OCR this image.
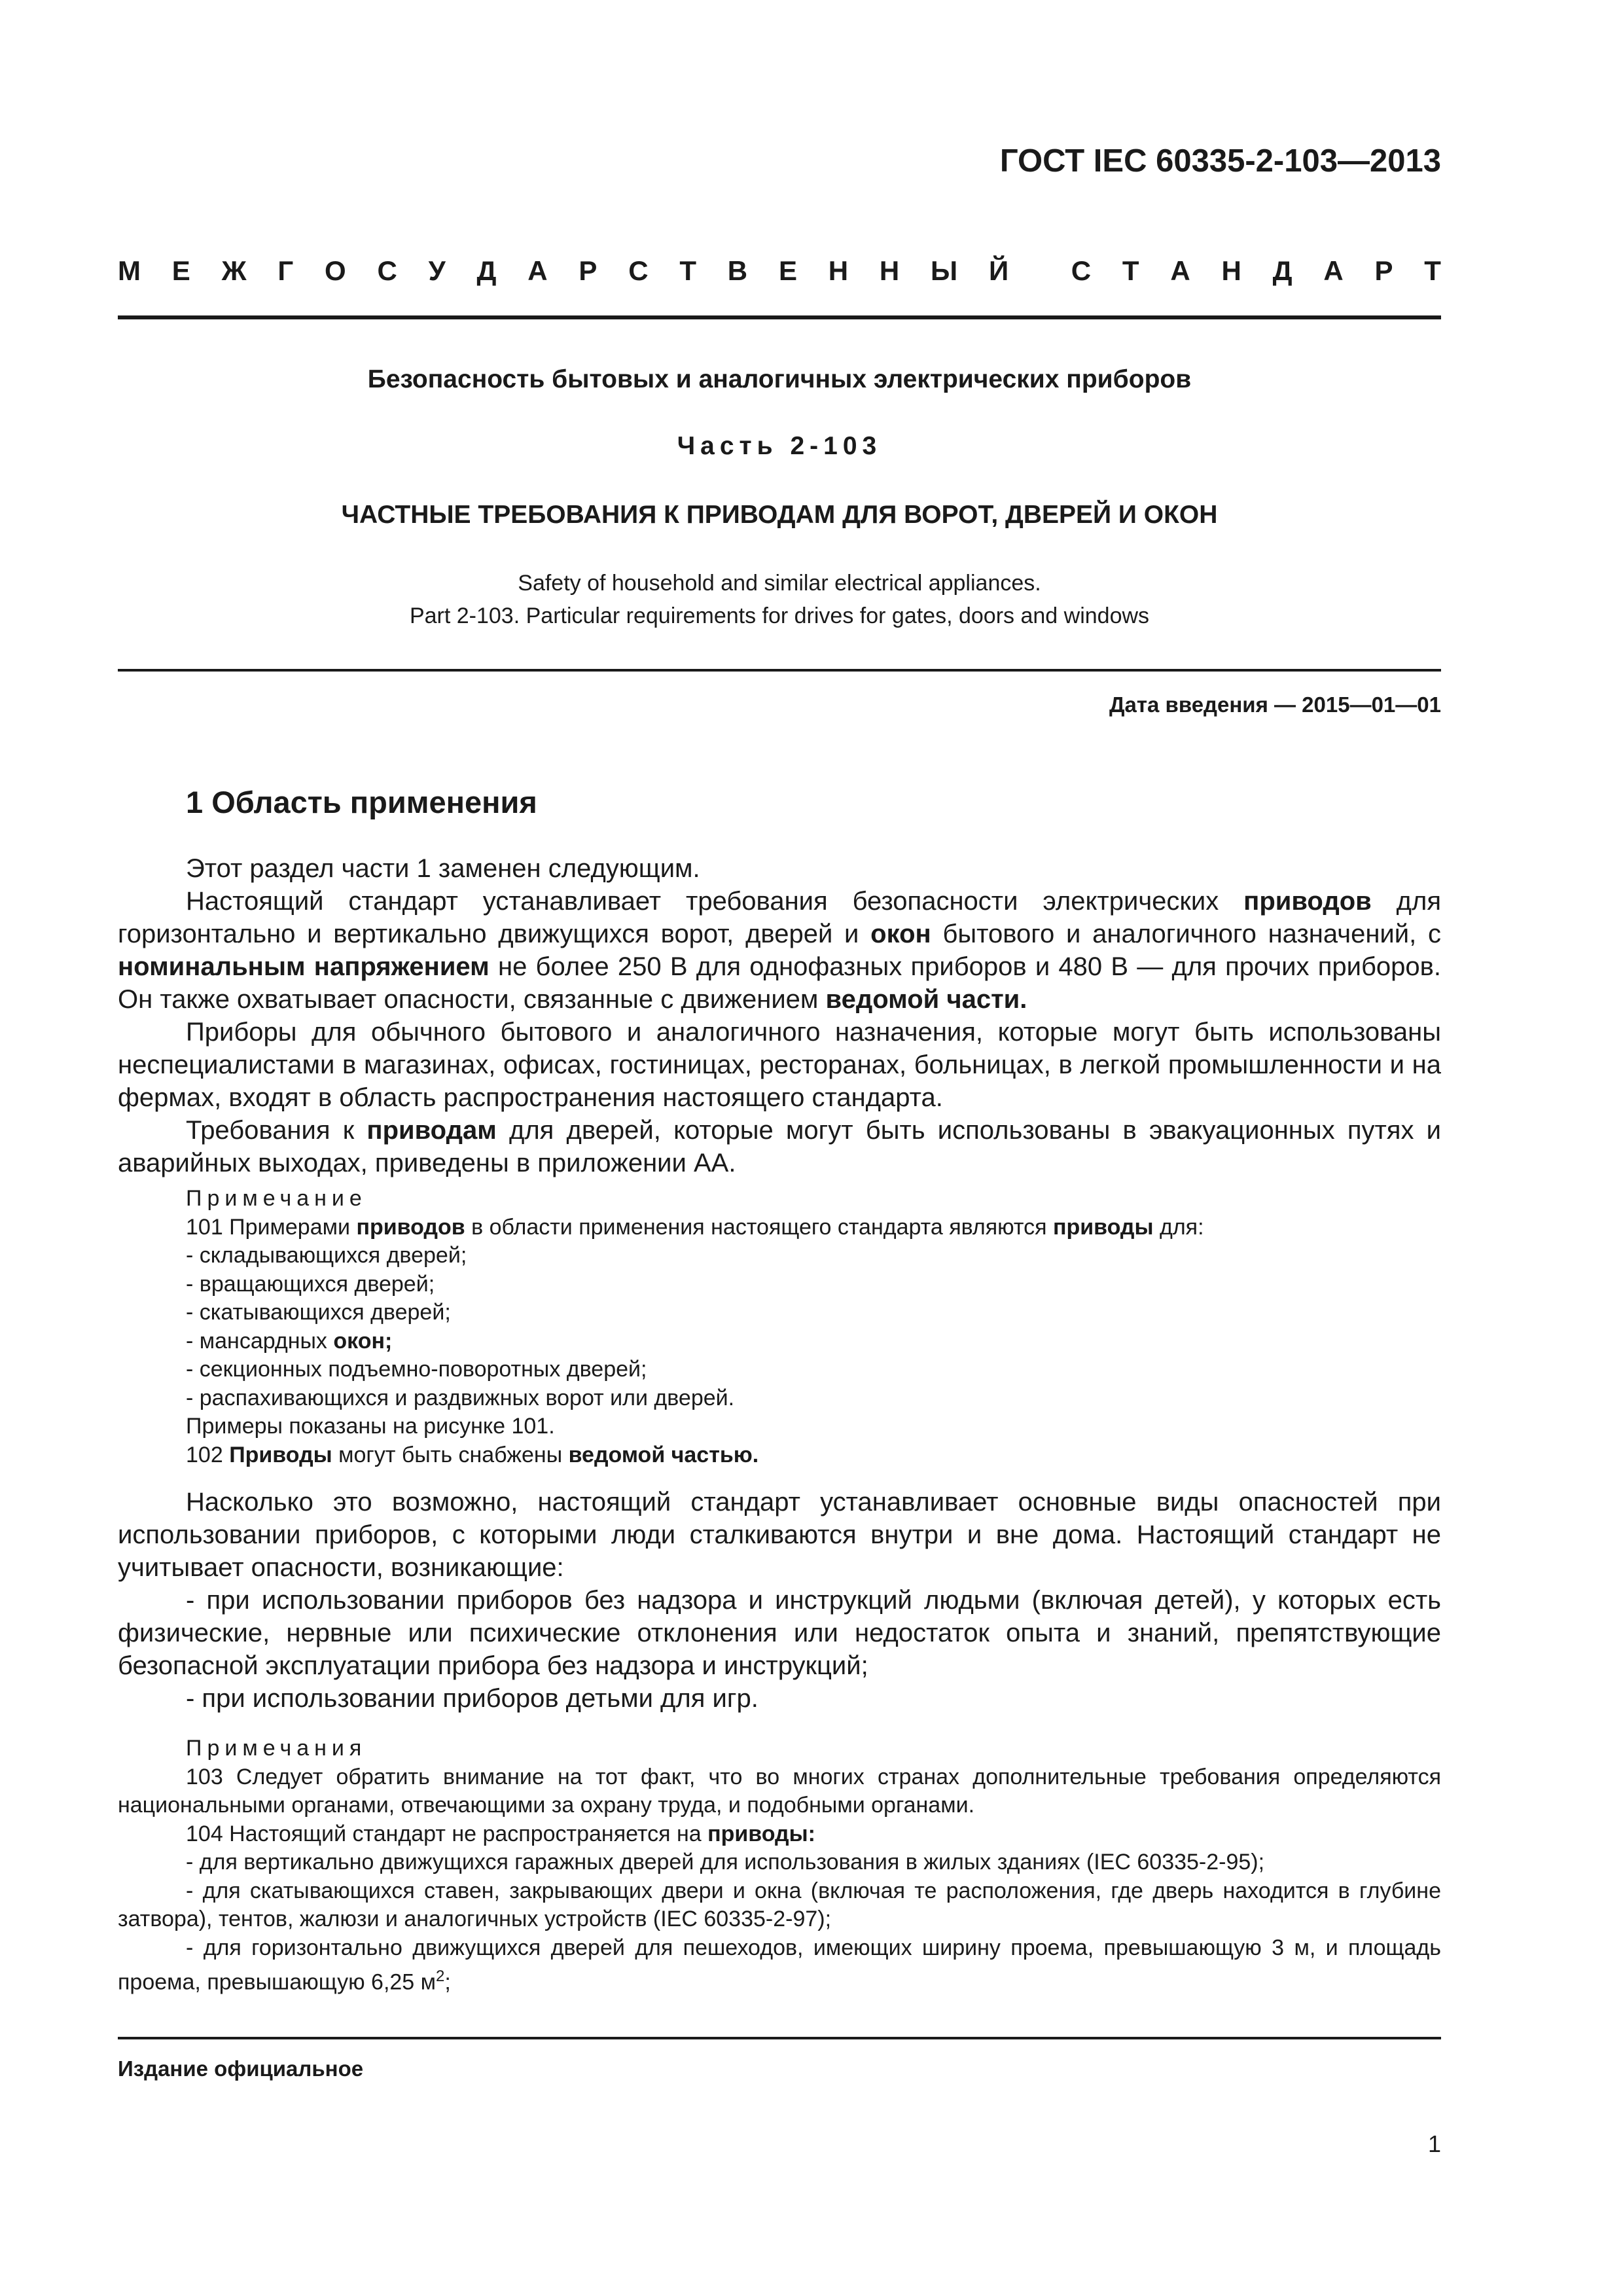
ГОСТ IEC 60335-2-103—2013
М Е Ж Г О С У Д А Р С Т В Е Н Н Ы Й С Т А Н Д А Р Т
Безопасность бытовых и аналогичных электрических приборов
Часть 2-103
ЧАСТНЫЕ ТРЕБОВАНИЯ К ПРИВОДАМ ДЛЯ ВОРОТ, ДВЕРЕЙ И ОКОН
Safety of household and similar electrical appliances.
Part 2-103. Particular requirements for drives for gates, doors and windows
Дата введения — 2015—01—01
1 Область применения

Этот раздел части 1 заменен следующим.

Настоящий стандарт устанавливает требования безопасности электрических приводов для горизонтально и вертикально движущихся ворот, дверей и окон бытового и аналогичного назначений, с номинальным напряжением не более 250 В для однофазных приборов и 480 В — для прочих приборов. Он также охватывает опасности, связанные с движением ведомой части.

Приборы для обычного бытового и аналогичного назначения, которые могут быть использованы неспециалистами в магазинах, офисах, гостиницах, ресторанах, больницах, в легкой промышленности и на фермах, входят в область распространения настоящего стандарта.

Требования к приводам для дверей, которые могут быть использованы в эвакуационных путях и аварийных выходах, приведены в приложении АА.

Примечание
101 Примерами приводов в области применения настоящего стандарта являются приводы для:
- складывающихся дверей;
- вращающихся дверей;
- скатывающихся дверей;
- мансардных окон;
- секционных подъемно-поворотных дверей;
- распахивающихся и раздвижных ворот или дверей.
Примеры показаны на рисунке 101.
102 Приводы могут быть снабжены ведомой частью.

Насколько это возможно, настоящий стандарт устанавливает основные виды опасностей при использовании приборов, с которыми люди сталкиваются внутри и вне дома. Настоящий стандарт не учитывает опасности, возникающие:

- при использовании приборов без надзора и инструкций людьми (включая детей), у которых есть физические, нервные или психические отклонения или недостаток опыта и знаний, препятствующие безопасной эксплуатации прибора без надзора и инструкций;

- при использовании приборов детьми для игр.

Примечания
103 Следует обратить внимание на тот факт, что во многих странах дополнительные требования определяются национальными органами, отвечающими за охрану труда, и подобными органами.
104 Настоящий стандарт не распространяется на приводы:
- для вертикально движущихся гаражных дверей для использования в жилых зданиях (IEC 60335-2-95);
- для скатывающихся ставен, закрывающих двери и окна (включая те расположения, где дверь находится в глубине затвора), тентов, жалюзи и аналогичных устройств (IEC 60335-2-97);
- для горизонтально движущихся дверей для пешеходов, имеющих ширину проема, превышающую 3 м, и площадь проема, превышающую 6,25 $м^2$;
Издание официальное
1
